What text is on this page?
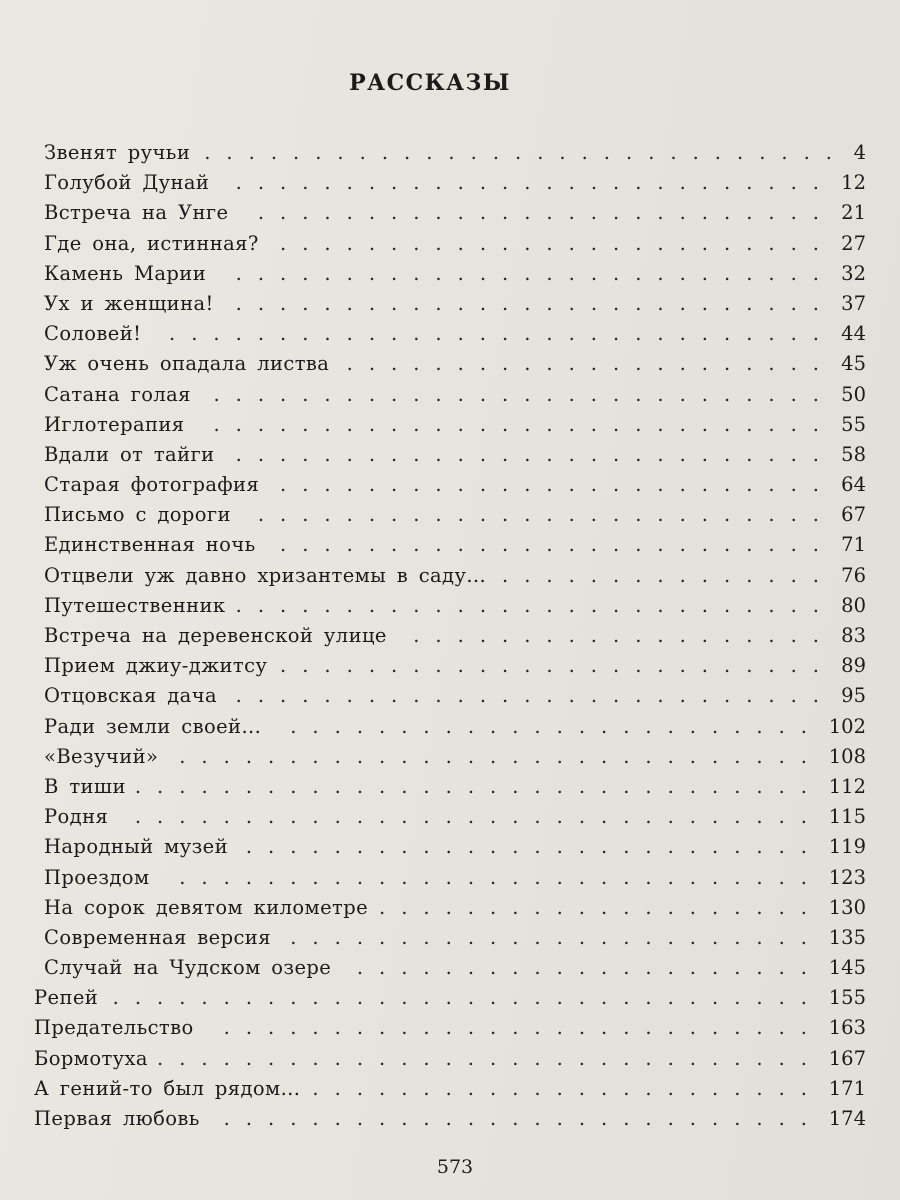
РАССКАЗЫ
Звенят ручьи ............................. 4
Голубой Дунай ........................... 12
Встреча на Унге .......................... 21
Где она, истинная? ......................... 27
Камень Марии ........................... 32
Ух и женщина! ........................... 37
Соловей! .............................. 44
Уж очень опадала листва ...................... 45
Сатана голая ............................ 50
Иглотерапия ............................ 55
Вдали от тайги ........................... 58
Старая фотография ......................... 64
Письмо с дороги .......................... 67
Единственная ночь ......................... 71
Отцвели уж давно хризантемы в саду... ............... 76
Путешественник ........................... 80
Встреча на деревенской улице ................... 83
Прием джиу-джитсу ......................... 89
Отцовская дача ........................... 95
Ради земли своей... ........................ 102
«Везучий» ............................. 108
В тиши ............................... 112
Родня ............................... 115
Народный музей .......................... 119
Проездом ............................. 123
На сорок девятом километре .................... 130
Современная версия ........................ 135
Случай на Чудском озере ..................... 145
Репей ................................ 155
Предательство ........................... 163
Бормотуха .............................. 167
А гений-то был рядом... ....................... 171
Первая любовь ........................... 174
573
